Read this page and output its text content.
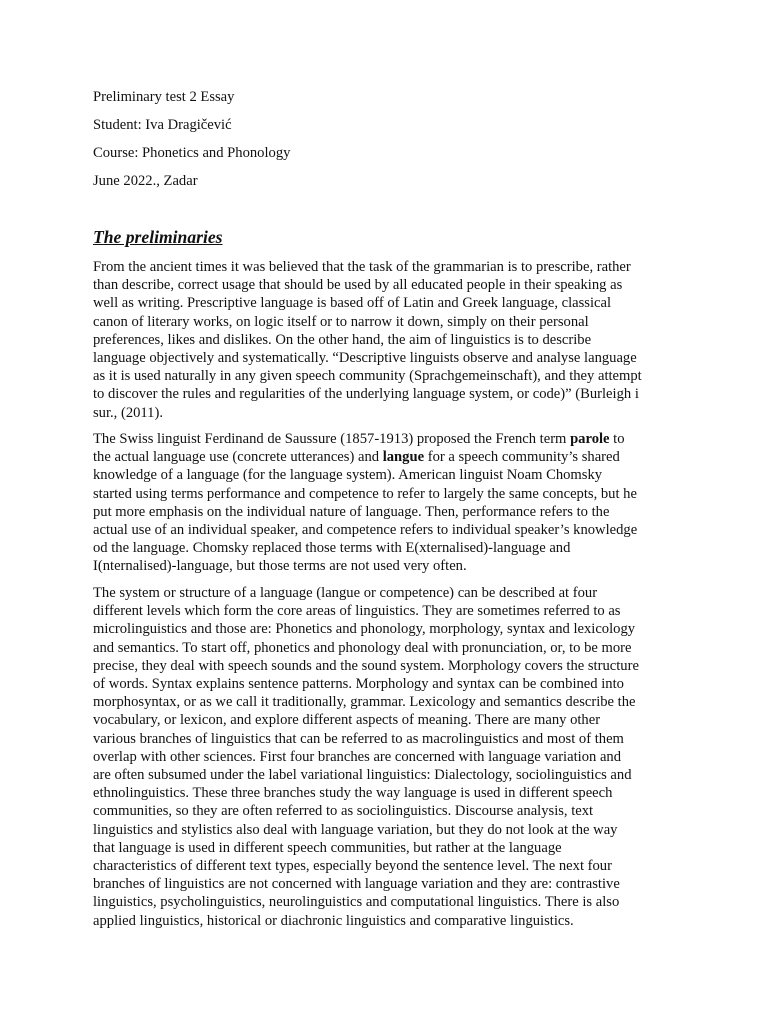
Preliminary test 2 Essay

Student: Iva Dragičević

Course: Phonetics and Phonology

June 2022., Zadar

The preliminaries
From the ancient times it was believed that the task of the grammarian is to prescribe, rather
than describe, correct usage that should be used by all educated people in their speaking as
well as writing. Prescriptive language is based off of Latin and Greek language, classical
canon of literary works, on logic itself or to narrow it down, simply on their personal
preferences, likes and dislikes. On the other hand, the aim of linguistics is to describe
language objectively and systematically. “Descriptive linguists observe and analyse language
as it is used naturally in any given speech community (Sprachgemeinschaft), and they attempt
to discover the rules and regularities of the underlying language system, or code)” (Burleigh i
sur., (2011).
The Swiss linguist Ferdinand de Saussure (1857-1913) proposed the French term parole to
the actual language use (concrete utterances) and langue for a speech community’s shared
knowledge of a language (for the language system). American linguist Noam Chomsky
started using terms performance and competence to refer to largely the same concepts, but he
put more emphasis on the individual nature of language. Then, performance refers to the
actual use of an individual speaker, and competence refers to individual speaker’s knowledge
od the language. Chomsky replaced those terms with E(xternalised)-language and
I(nternalised)-language, but those terms are not used very often.
The system or structure of a language (langue or competence) can be described at four
different levels which form the core areas of linguistics. They are sometimes referred to as
microlinguistics and those are: Phonetics and phonology, morphology, syntax and lexicology
and semantics. To start off, phonetics and phonology deal with pronunciation, or, to be more
precise, they deal with speech sounds and the sound system. Morphology covers the structure
of words. Syntax explains sentence patterns. Morphology and syntax can be combined into
morphosyntax, or as we call it traditionally, grammar. Lexicology and semantics describe the
vocabulary, or lexicon, and explore different aspects of meaning. There are many other
various branches of linguistics that can be referred to as macrolinguistics and most of them
overlap with other sciences. First four branches are concerned with language variation and
are often subsumed under the label variational linguistics: Dialectology, sociolinguistics and
ethnolinguistics. These three branches study the way language is used in different speech
communities, so they are often referred to as sociolinguistics. Discourse analysis, text
linguistics and stylistics also deal with language variation, but they do not look at the way
that language is used in different speech communities, but rather at the language
characteristics of different text types, especially beyond the sentence level. The next four
branches of linguistics are not concerned with language variation and they are: contrastive
linguistics, psycholinguistics, neurolinguistics and computational linguistics. There is also
applied linguistics, historical or diachronic linguistics and comparative linguistics.
